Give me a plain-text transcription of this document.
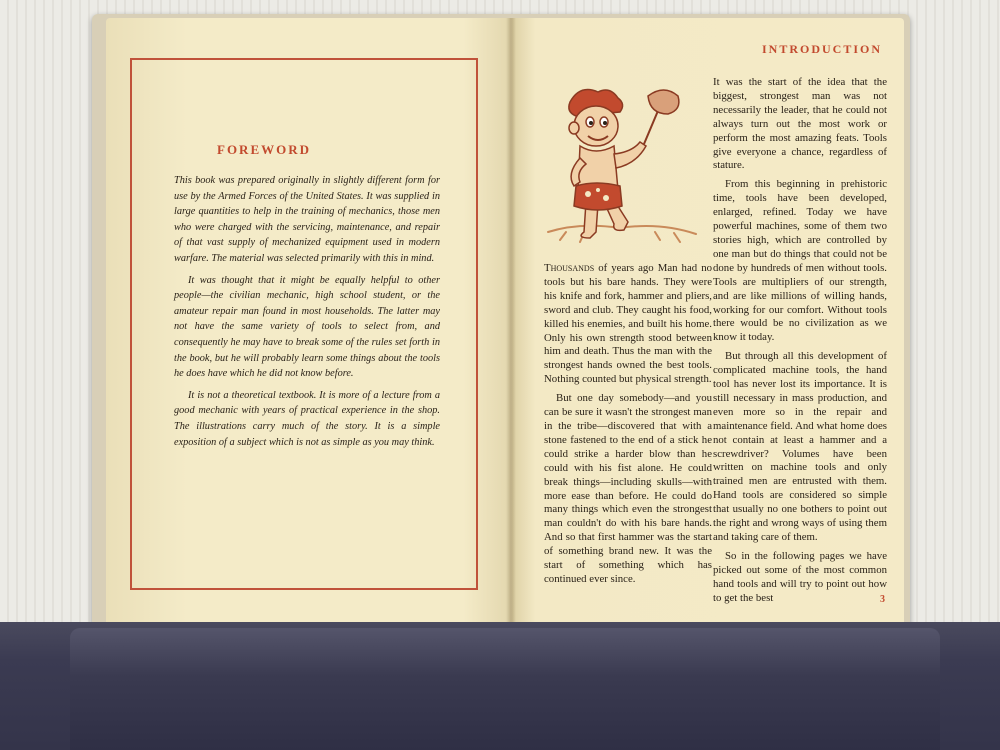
FOREWORD

This book was prepared originally in slightly different form for use by the Armed Forces of the United States. It was supplied in large quantities to help in the training of mechanics, those men who were charged with the servicing, maintenance, and repair of that vast supply of mechanized equipment used in modern warfare. The material was selected primarily with this in mind.

It was thought that it might be equally helpful to other people—the civilian mechanic, high school student, or the amateur repair man found in most households. The latter may not have the same variety of tools to select from, and consequently he may have to break some of the rules set forth in the book, but he will probably learn some things about the tools he does have which he did not know before.

It is not a theoretical textbook. It is more of a lecture from a good mechanic with years of practical experience in the shop. The illustrations carry much of the story. It is a simple exposition of a subject which is not as simple as you may think.

INTRODUCTION

Thousands of years ago Man had no tools but his bare hands. They were his knife and fork, hammer and pliers, sword and club. They caught his food, killed his enemies, and built his home. Only his own strength stood between him and death. Thus the man with the strongest hands owned the best tools. Nothing counted but physical strength.

But one day somebody—and you can be sure it wasn't the strongest man in the tribe—discovered that with a stone fastened to the end of a stick he could strike a harder blow than he could with his fist alone. He could break things—including skulls—with more ease than before. He could do many things which even the strongest man couldn't do with his bare hands. And so that first hammer was the start of something brand new. It was the start of something which has continued ever since.

It was the start of the idea that the biggest, strongest man was not necessarily the leader, that he could not always turn out the most work or perform the most amazing feats. Tools give everyone a chance, regardless of stature.

From this beginning in prehistoric time, tools have been developed, enlarged, refined. Today we have powerful machines, some of them two stories high, which are controlled by one man but do things that could not be done by hundreds of men without tools. Tools are multipliers of our strength, and are like millions of willing hands, working for our comfort. Without tools there would be no civilization as we know it today.

But through all this development of complicated machine tools, the hand tool has never lost its importance. It is still necessary in mass production, and even more so in the repair and maintenance field. And what home does not contain at least a hammer and a screwdriver? Volumes have been written on machine tools and only trained men are entrusted with them. Hand tools are considered so simple that usually no one bothers to point out the right and wrong ways of using them and taking care of them.

So in the following pages we have picked out some of the most common hand tools and will try to point out how to get the best	3
